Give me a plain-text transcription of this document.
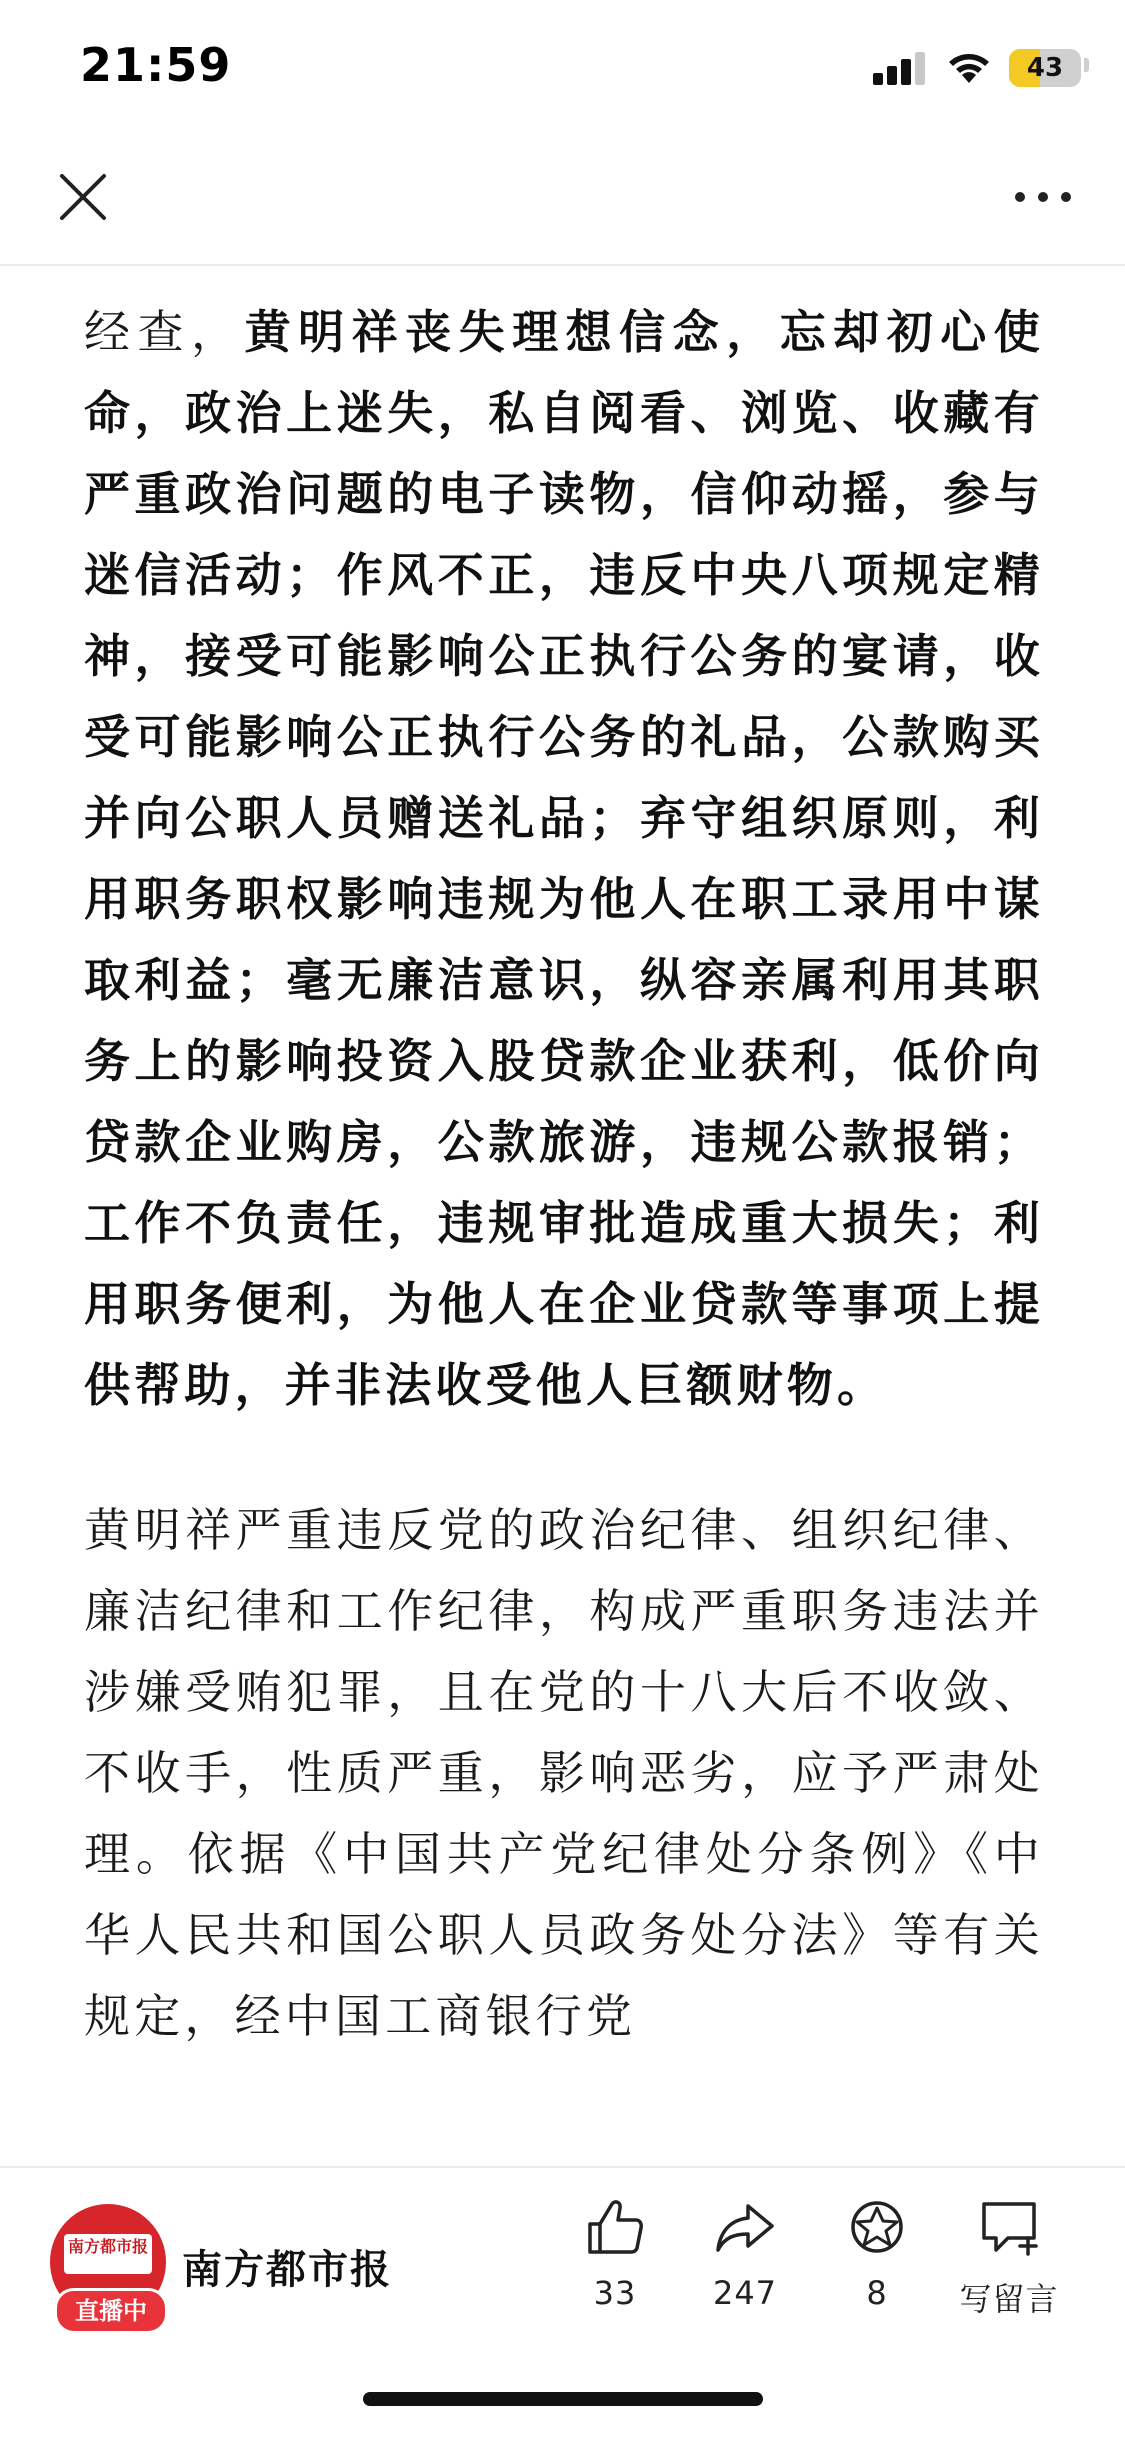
21:59	43

经查，黄明祥丧失理想信念，忘却初心使命，政治上迷失，私自阅看、浏览、收藏有严重政治问题的电子读物，信仰动摇，参与迷信活动；作风不正，违反中央八项规定精神，接受可能影响公正执行公务的宴请，收受可能影响公正执行公务的礼品，公款购买并向公职人员赠送礼品；弃守组织原则，利用职务职权影响违规为他人在职工录用中谋取利益；毫无廉洁意识，纵容亲属利用其职务上的影响投资入股贷款企业获利，低价向贷款企业购房，公款旅游，违规公款报销；工作不负责任，违规审批造成重大损失；利用职务便利，为他人在企业贷款等事项上提供帮助，并非法收受他人巨额财物。

黄明祥严重违反党的政治纪律、组织纪律、廉洁纪律和工作纪律，构成严重职务违法并涉嫌受贿犯罪，且在党的十八大后不收敛、不收手，性质严重，影响恶劣，应予严肃处理。依据《中国共产党纪律处分条例》《中华人民共和国公职人员政务处分法》等有关规定，经中国工商银行党

南方都市报
直播中
南方都市报	33	247	8	写留言
